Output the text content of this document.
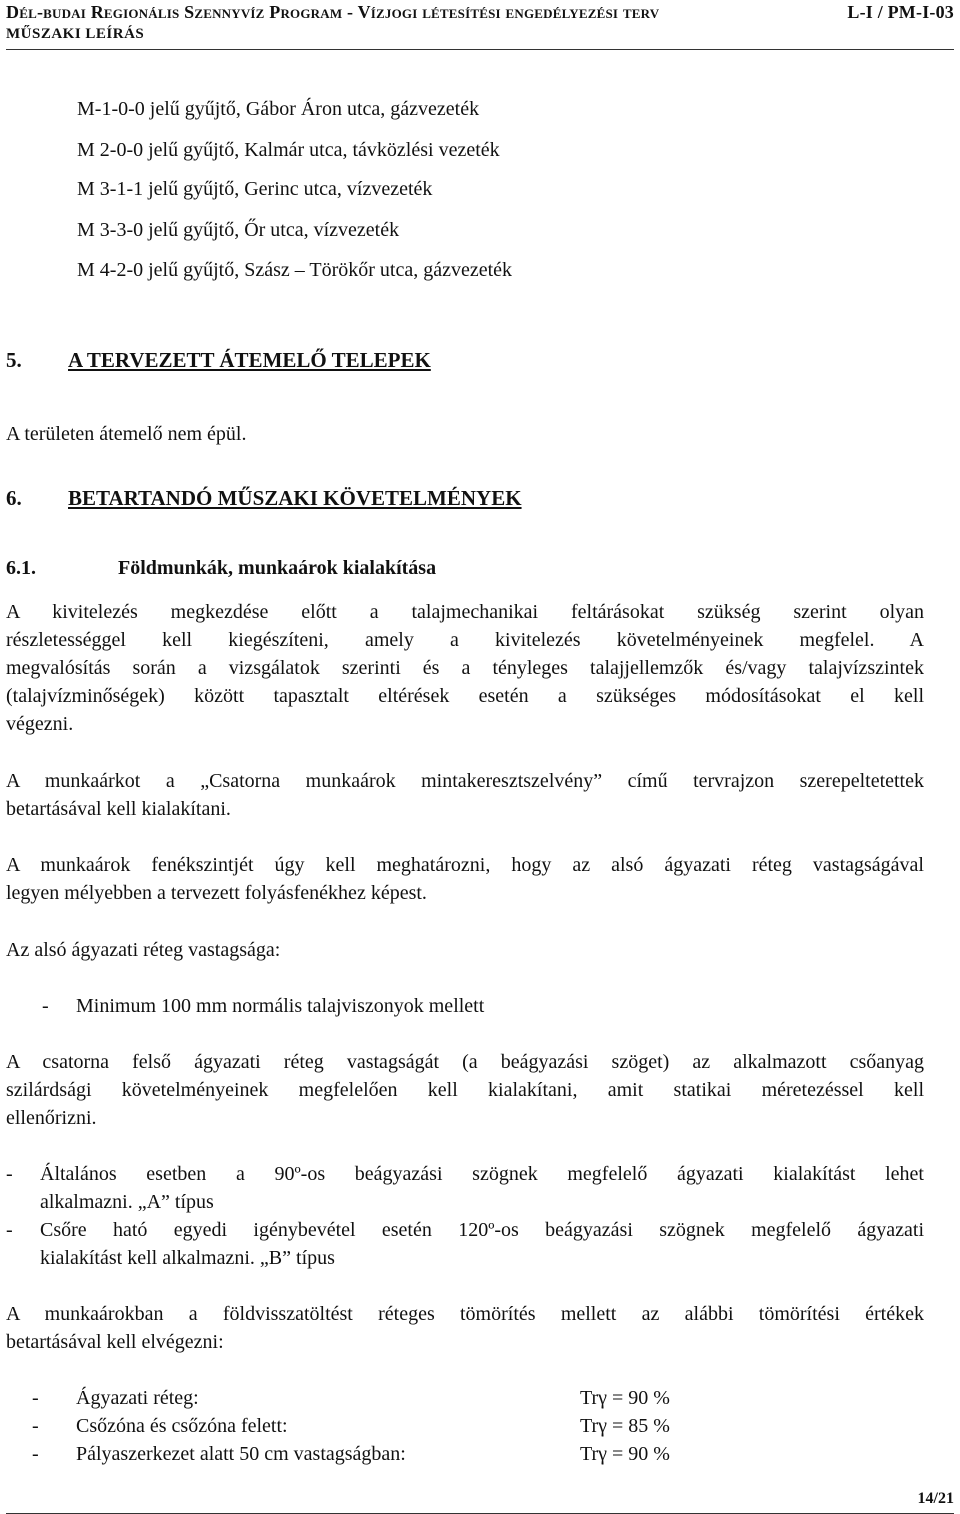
Dél-budai Regionális Szennyvíz Program - Vízjogi létesítési engedélyezési terv	L-I / PM-I-03
MŰSZAKI LEÍRÁS
M-1-0-0 jelű gyűjtő, Gábor Áron utca, gázvezeték
M 2-0-0 jelű gyűjtő, Kalmár utca, távközlési vezeték
M 3-1-1 jelű gyűjtő, Gerinc utca, vízvezeték
M 3-3-0 jelű gyűjtő, Őr utca, vízvezeték
M 4-2-0 jelű gyűjtő, Szász – Törökőr utca, gázvezeték
5. A TERVEZETT ÁTEMELŐ TELEPEK
A területen átemelő nem épül.
6. BETARTANDÓ MŰSZAKI KÖVETELMÉNYEK
6.1.	Földmunkák, munkaárok kialakítása
A kivitelezés megkezdése előtt a talajmechanikai feltárásokat szükség szerint olyan
részletességgel kell kiegészíteni, amely a kivitelezés követelményeinek megfelel. A
megvalósítás során a vizsgálatok szerinti és a tényleges talajjellemzők és/vagy talajvízszintek
(talajvízminőségek) között tapasztalt eltérések esetén a szükséges módosításokat el kell
végezni.
A munkaárkot a „Csatorna munkaárok mintakeresztszelvény” című tervrajzon szerepeltetettek
betartásával kell kialakítani.
A munkaárok fenékszintjét úgy kell meghatározni, hogy az alsó ágyazati réteg vastagságával
legyen mélyebben a tervezett folyásfenékhez képest.
Az alsó ágyazati réteg vastagsága:
- Minimum 100 mm normális talajviszonyok mellett
A csatorna felső ágyazati réteg vastagságát (a beágyazási szöget) az alkalmazott csőanyag
szilárdsági követelményeinek megfelelően kell kialakítani, amit statikai méretezéssel kell
ellenőrizni.
- Általános esetben a 90º-os beágyazási szögnek megfelelő ágyazati kialakítást lehet
alkalmazni. „A” típus
- Csőre ható egyedi igénybevétel esetén 120º-os beágyazási szögnek megfelelő ágyazati
kialakítást kell alkalmazni. „B” típus
A munkaárokban a földvisszatöltést réteges tömörítés mellett az alábbi tömörítési értékek
betartásával kell elvégezni:
- Ágyazati réteg:	Trγ = 90 %
- Csőzóna és csőzóna felett:	Trγ = 85 %
- Pályaszerkezet alatt 50 cm vastagságban:	Trγ = 90 %
14/21
